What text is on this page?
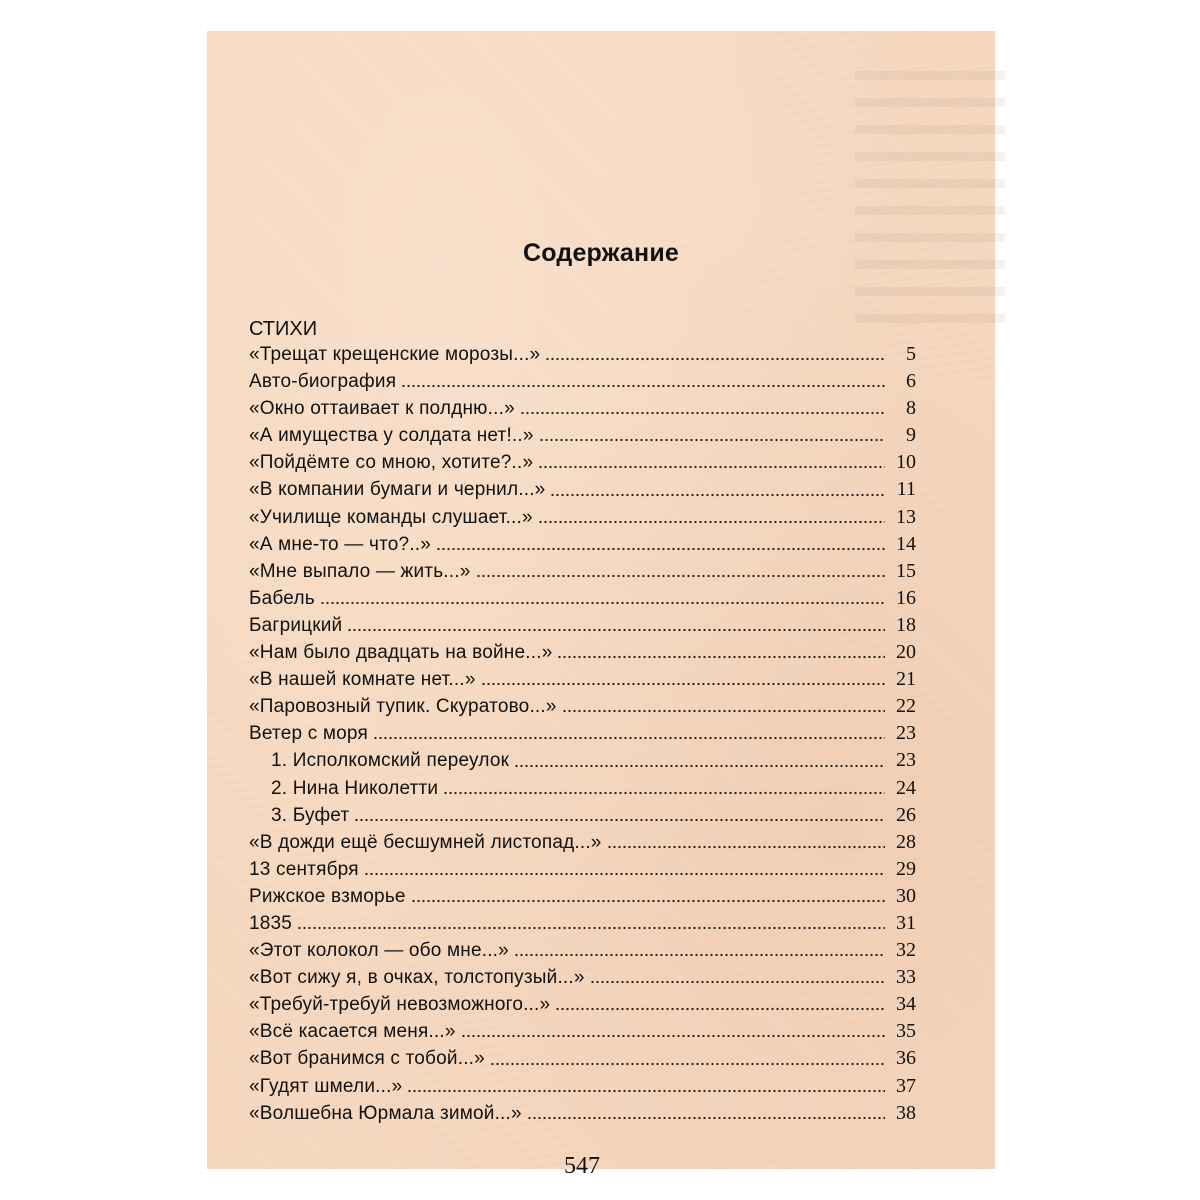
Содержание
СТИХИ
«Трещат крещенские морозы...»	5
Авто-биография	6
«Окно оттаивает к полдню...»	8
«А имущества у солдата нет!..»	9
«Пойдёмте со мною, хотите?..»	10
«В компании бумаги и чернил...»	11
«Училище команды слушает...»	13
«А мне-то — что?..»	14
«Мне выпало — жить...»	15
Бабель	16
Багрицкий	18
«Нам было двадцать на войне...»	20
«В нашей комнате нет...»	21
«Паровозный тупик. Скуратово...»	22
Ветер с моря	23
1. Исполкомский переулок	23
2. Нина Николетти	24
3. Буфет	26
«В дожди ещё бесшумней листопад...»	28
13 сентября	29
Рижское взморье	30
1835	31
«Этот колокол — обо мне...»	32
«Вот сижу я, в очках, толстопузый...»	33
«Требуй-требуй невозможного...»	34
«Всё касается меня...»	35
«Вот бранимся с тобой...»	36
«Гудят шмели...»	37
«Волшебна Юрмала зимой...»	38
547
